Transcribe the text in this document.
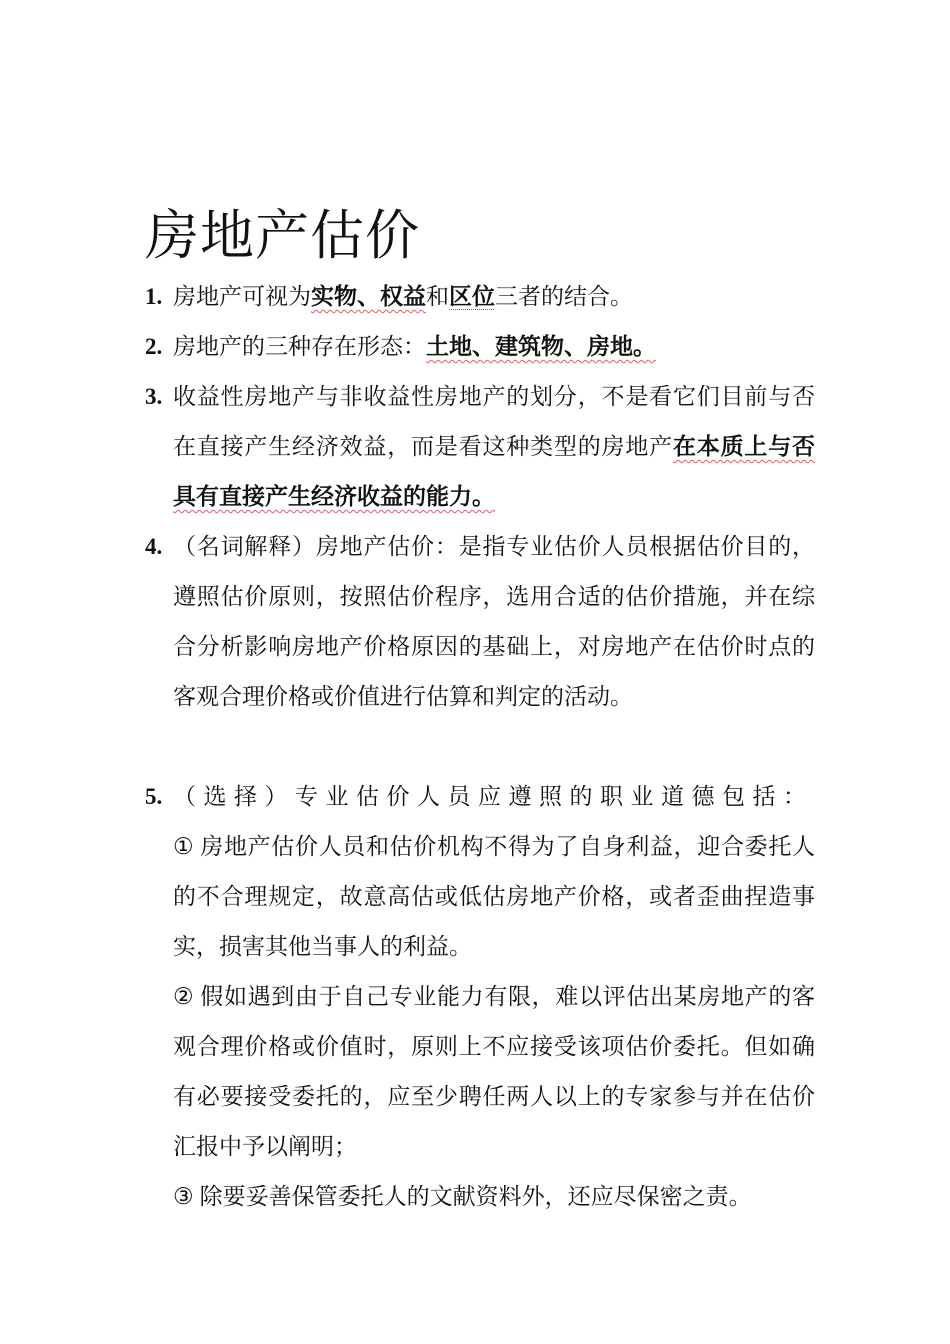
房地产估价
1. 房地产可视为实物、权益和区位三者的结合。
2. 房地产的三种存在形态：土地、建筑物、房地。
3. 收益性房地产与非收益性房地产的划分，不是看它们目前与否在直接产生经济效益，而是看这种类型的房地产在本质上与否具有直接产生经济收益的能力。
4. （名词解释）房地产估价：是指专业估价人员根据估价目的，遵照估价原则，按照估价程序，选用合适的估价措施，并在综合分析影响房地产价格原因的基础上，对房地产在估价时点的客观合理价格或价值进行估算和判定的活动。
5. （选择）专业估价人员应遵照的职业道德包括：
① 房地产估价人员和估价机构不得为了自身利益，迎合委托人的不合理规定，故意高估或低估房地产价格，或者歪曲捏造事实，损害其他当事人的利益。
② 假如遇到由于自己专业能力有限，难以评估出某房地产的客观合理价格或价值时，原则上不应接受该项估价委托。但如确有必要接受委托的，应至少聘任两人以上的专家参与并在估价汇报中予以阐明；
③ 除要妥善保管委托人的文献资料外，还应尽保密之责。
